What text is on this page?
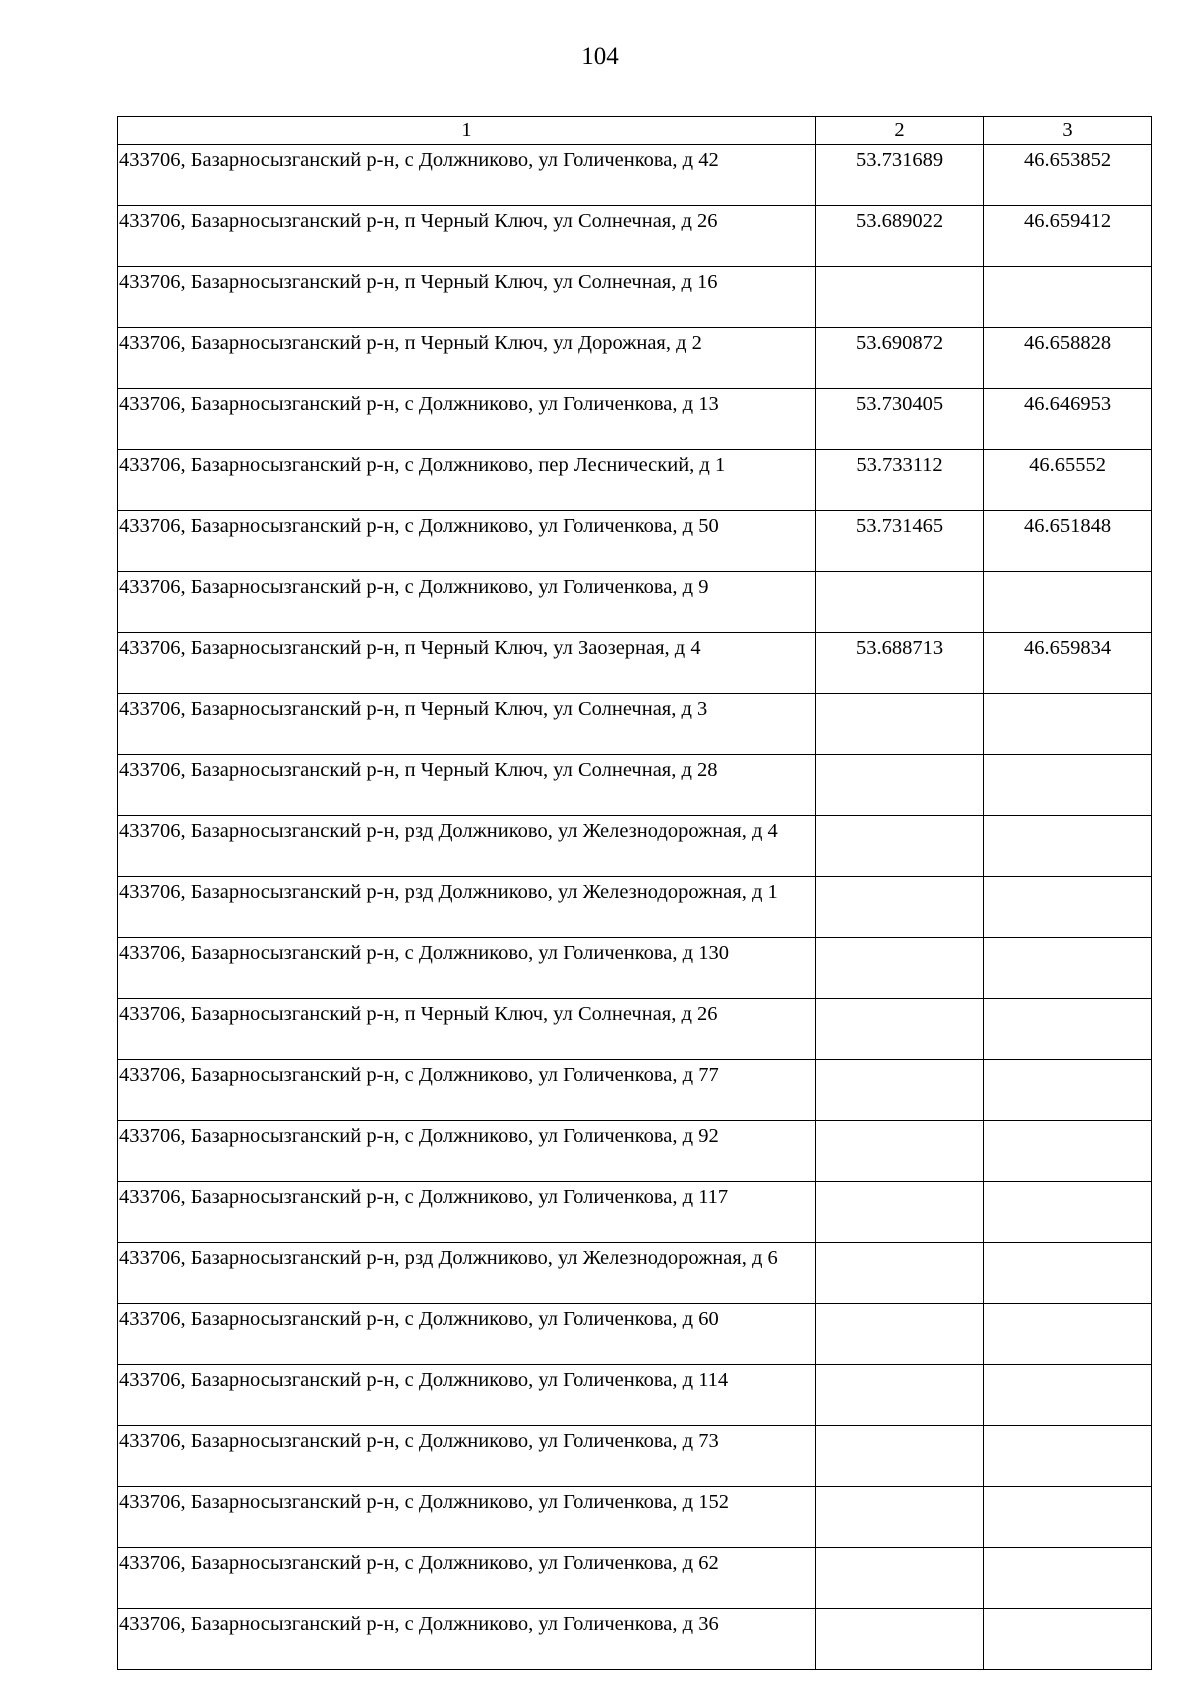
104
1	2	3

433706, Базарносызганский р-н, с Должниково, ул Голиченкова, д 42	53.731689	46.653852

433706, Базарносызганский р-н, п Черный Ключ, ул Солнечная, д 26	53.689022	46.659412

433706, Базарносызганский р-н, п Черный Ключ, ул Солнечная, д 16		

433706, Базарносызганский р-н, п Черный Ключ, ул Дорожная, д 2	53.690872	46.658828

433706, Базарносызганский р-н, с Должниково, ул Голиченкова, д 13	53.730405	46.646953

433706, Базарносызганский р-н, с Должниково, пер Леснический, д 1	53.733112	46.65552

433706, Базарносызганский р-н, с Должниково, ул Голиченкова, д 50	53.731465	46.651848

433706, Базарносызганский р-н, с Должниково, ул Голиченкова, д 9		

433706, Базарносызганский р-н, п Черный Ключ, ул Заозерная, д 4	53.688713	46.659834

433706, Базарносызганский р-н, п Черный Ключ, ул Солнечная, д 3		

433706, Базарносызганский р-н, п Черный Ключ, ул Солнечная, д 28		

433706, Базарносызганский р-н, рзд Должниково, ул Железнодорожная, д 4		

433706, Базарносызганский р-н, рзд Должниково, ул Железнодорожная, д 1		

433706, Базарносызганский р-н, с Должниково, ул Голиченкова, д 130		

433706, Базарносызганский р-н, п Черный Ключ, ул Солнечная, д 26		

433706, Базарносызганский р-н, с Должниково, ул Голиченкова, д 77		

433706, Базарносызганский р-н, с Должниково, ул Голиченкова, д 92		

433706, Базарносызганский р-н, с Должниково, ул Голиченкова, д 117		

433706, Базарносызганский р-н, рзд Должниково, ул Железнодорожная, д 6		

433706, Базарносызганский р-н, с Должниково, ул Голиченкова, д 60		

433706, Базарносызганский р-н, с Должниково, ул Голиченкова, д 114		

433706, Базарносызганский р-н, с Должниково, ул Голиченкова, д 73		

433706, Базарносызганский р-н, с Должниково, ул Голиченкова, д 152		

433706, Базарносызганский р-н, с Должниково, ул Голиченкова, д 62		

433706, Базарносызганский р-н, с Должниково, ул Голиченкова, д 36		
